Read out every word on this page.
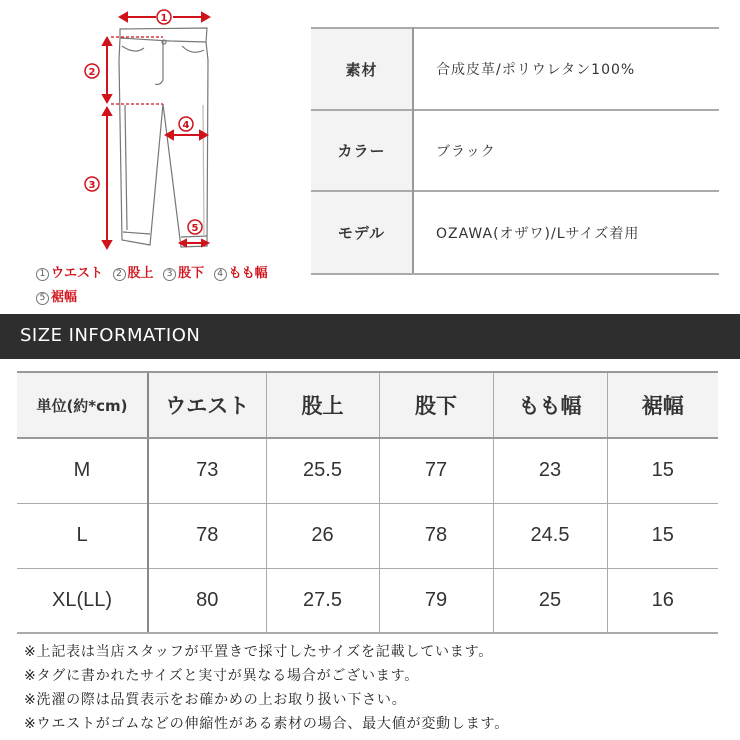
1
2
3
4
5
1 ウエスト 2 股上 3 股下 4 もも幅 5 裾幅
素材	合成皮革/ポリウレタン100%
カラー	ブラック
モデル	OZAWA(オザワ)/Lサイズ着用
SIZE INFORMATION
単位(約*cm)	ウエスト	股上	股下	もも幅	裾幅
M	73	25.5	77	23	15
L	78	26	78	24.5	15
XL(LL)	80	27.5	79	25	16
※上記表は当店スタッフが平置きで採寸したサイズを記載しています。
※タグに書かれたサイズと実寸が異なる場合がございます。
※洗濯の際は品質表示をお確かめの上お取り扱い下さい。
※ウエストがゴムなどの伸縮性がある素材の場合、最大値が変動します。
